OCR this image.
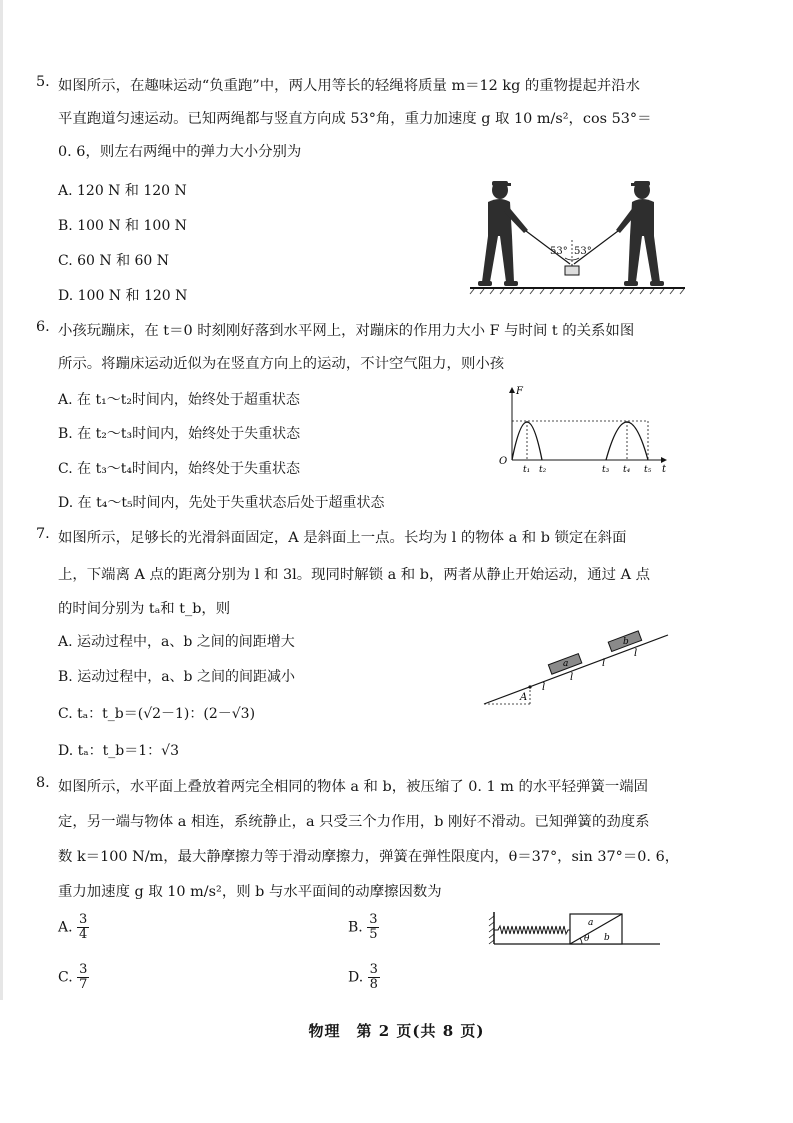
5. 如图所示，在趣味运动“负重跑”中，两人用等长的轻绳将质量 m＝12 kg 的重物提起并沿水
平直跑道匀速运动。已知两绳都与竖直方向成 53°角，重力加速度 g 取 10 m/s²，cos 53°＝
0. 6，则左右两绳中的弹力大小分别为
A. 120 N 和 120 N
B. 100 N 和 100 N
C. 60 N 和 60 N
D. 100 N 和 120 N
53° 53°
6. 小孩玩蹦床，在 t＝0 时刻刚好落到水平网上，对蹦床的作用力大小 F 与时间 t 的关系如图
所示。将蹦床运动近似为在竖直方向上的运动，不计空气阻力，则小孩
A. 在 t₁～t₂时间内，始终处于超重状态
B. 在 t₂～t₃时间内，始终处于失重状态
C. 在 t₃～t₄时间内，始终处于失重状态
D. 在 t₄～t₅时间内，先处于失重状态后处于超重状态
F
t
O
t₁ t₂	t₃ t₄ t₅
7. 如图所示，足够长的光滑斜面固定，A 是斜面上一点。长均为 l 的物体 a 和 b 锁定在斜面
上，下端离 A 点的距离分别为 l 和 3l。现同时解锁 a 和 b，两者从静止开始运动，通过 A 点
的时间分别为 tₐ和 t_b，则
A. 运动过程中，a、b 之间的间距增大
B. 运动过程中，a、b 之间的间距减小
C. tₐ：t_b＝(√2－1)：(2－√3)
D. tₐ：t_b＝1：√3
A
a
b
l
l
l
l
8. 如图所示，水平面上叠放着两完全相同的物体 a 和 b，被压缩了 0. 1 m 的水平轻弹簧一端固
定，另一端与物体 a 相连，系统静止，a 只受三个力作用，b 刚好不滑动。已知弹簧的劲度系
数 k＝100 N/m，最大静摩擦力等于滑动摩擦力，弹簧在弹性限度内，θ＝37°，sin 37°＝0. 6，
重力加速度 g 取 10 m/s²，则 b 与水平面间的动摩擦因数为
A. $\frac{3}{4}$	B. $\frac{3}{5}$
C. $\frac{3}{7}$	D. $\frac{3}{8}$
a
b
θ
物理　第 2 页(共 8 页)
